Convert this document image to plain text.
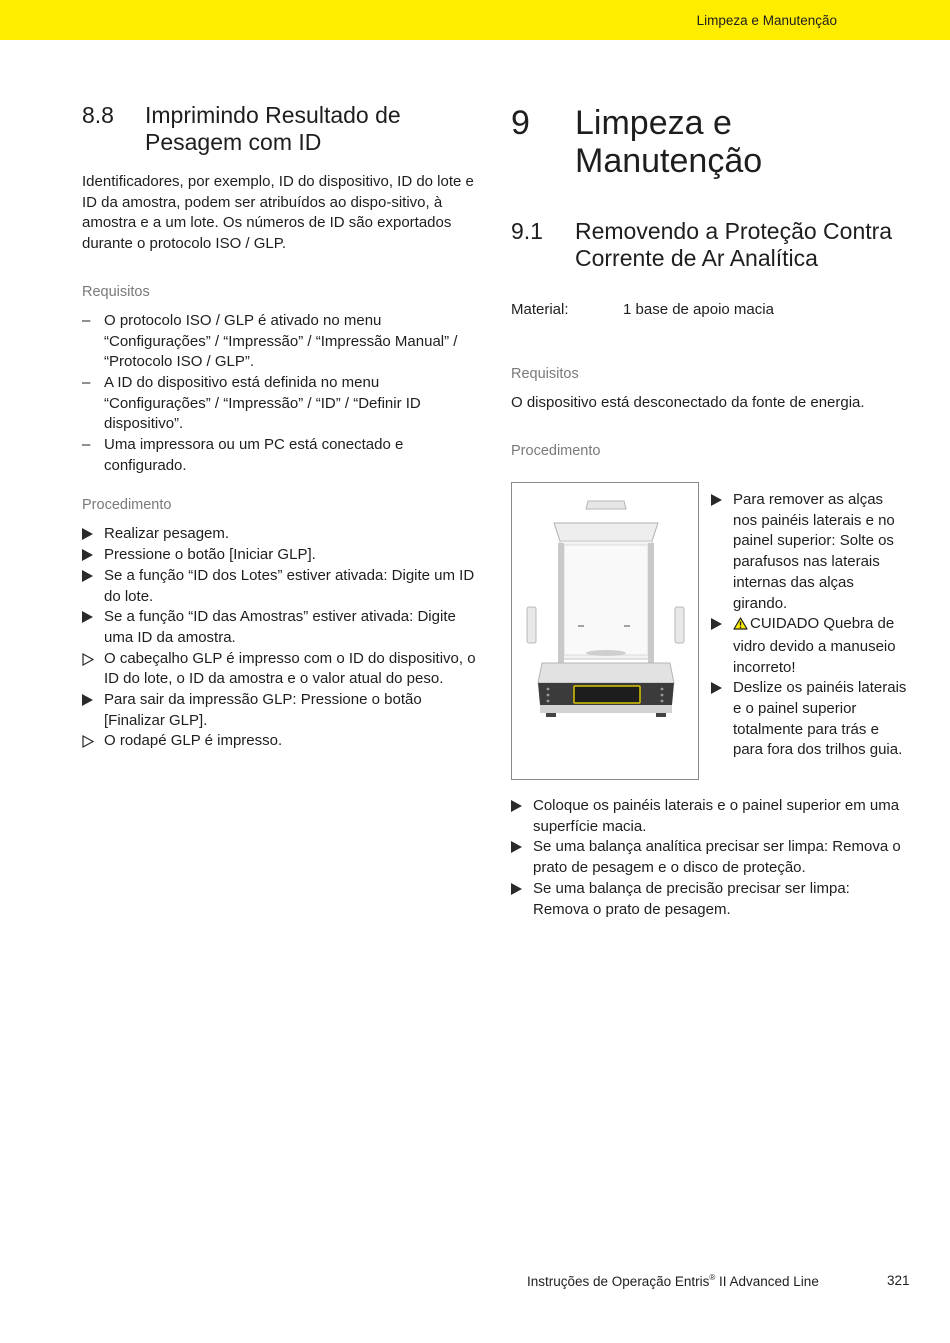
Limpeza e Manutenção
8.8	Imprimindo Resultado de Pesagem com ID

Identificadores, por exemplo, ID do dispositivo, ID do lote e ID da amostra, podem ser atribuídos ao dispo-sitivo, à amostra e a um lote. Os números de ID são exportados durante o protocolo ISO / GLP.

Requisitos

– O protocolo ISO / GLP é ativado no menu “Configurações” / “Impressão” / “Impressão Manual” / “Protocolo ISO / GLP”.
– A ID do dispositivo está definida no menu “Configurações” / “Impressão” / “ID” / “Definir ID dispositivo”.
– Uma impressora ou um PC está conectado e configurado.

Procedimento

Realizar pesagem.
Pressione o botão [Iniciar GLP].
Se a função “ID dos Lotes” estiver ativada: Digite um ID do lote.
Se a função “ID das Amostras” estiver ativada: Digite uma ID da amostra.
O cabeçalho GLP é impresso com o ID do dispositivo, o ID do lote, o ID da amostra e o valor atual do peso.
Para sair da impressão GLP: Pressione o botão [Finalizar GLP].
O rodapé GLP é impresso.
9	Limpeza e Manutenção
9.1	Removendo a Proteção Contra Corrente de Ar Analítica
Material:	1 base de apoio macia

Requisitos

O dispositivo está desconectado da fonte de energia.

Procedimento

Para remover as alças nos painéis laterais e no painel superior: Solte os parafusos nas laterais internas das alças girando.
CUIDADO Quebra de vidro devido a manuseio incorreto!
Deslize os painéis laterais e o painel superior totalmente para trás e para fora dos trilhos guia.
Coloque os painéis laterais e o painel superior em uma superfície macia.
Se uma balança analítica precisar ser limpa: Remova o prato de pesagem e o disco de proteção.
Se uma balança de precisão precisar ser limpa: Remova o prato de pesagem.
Instruções de Operação Entris® II Advanced Line	321
